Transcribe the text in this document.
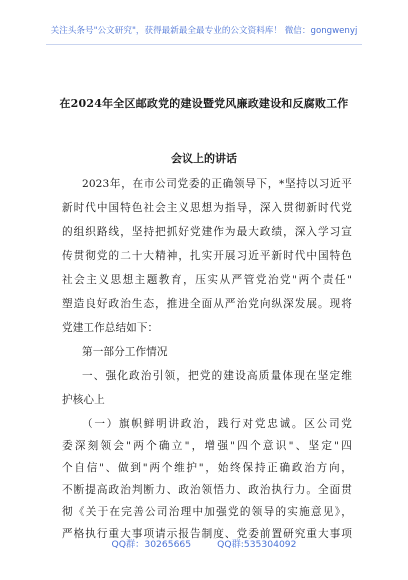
关注头条号"公文研究"，获得最新最全最专业的公文资料库！ 微信：gongwenyj
在2024年全区邮政党的建设暨党风廉政建设和反腐败工作
会议上的讲话
2023年，在市公司党委的正确领导下，*坚持以习近平
新时代中国特色社会主义思想为指导，深入贯彻新时代党
的组织路线，坚持把抓好党建作为最大政绩，深入学习宣
传贯彻党的二十大精神，扎实开展习近平新时代中国特色
社会主义思想主题教育，压实从严管党治党"两个责任"
塑造良好政治生态，推进全面从严治党向纵深发展。现将
党建工作总结如下：
第一部分工作情况
一、强化政治引领，把党的建设高质量体现在坚定维
护核心上
（一）旗帜鲜明讲政治，践行对党忠诚。区公司党
委深刻领会"两个确立"，增强"四个意识"、坚定"四
个自信"、做到"两个维护"，始终保持正确政治方向，
不断提高政治判断力、政治领悟力、政治执行力。全面贯
彻《关于在完善公司治理中加强党的领导的实施意见》，
严格执行重大事项请示报告制度、党委前置研究重大事项
QQ群：30265665	QQ群:535304092
